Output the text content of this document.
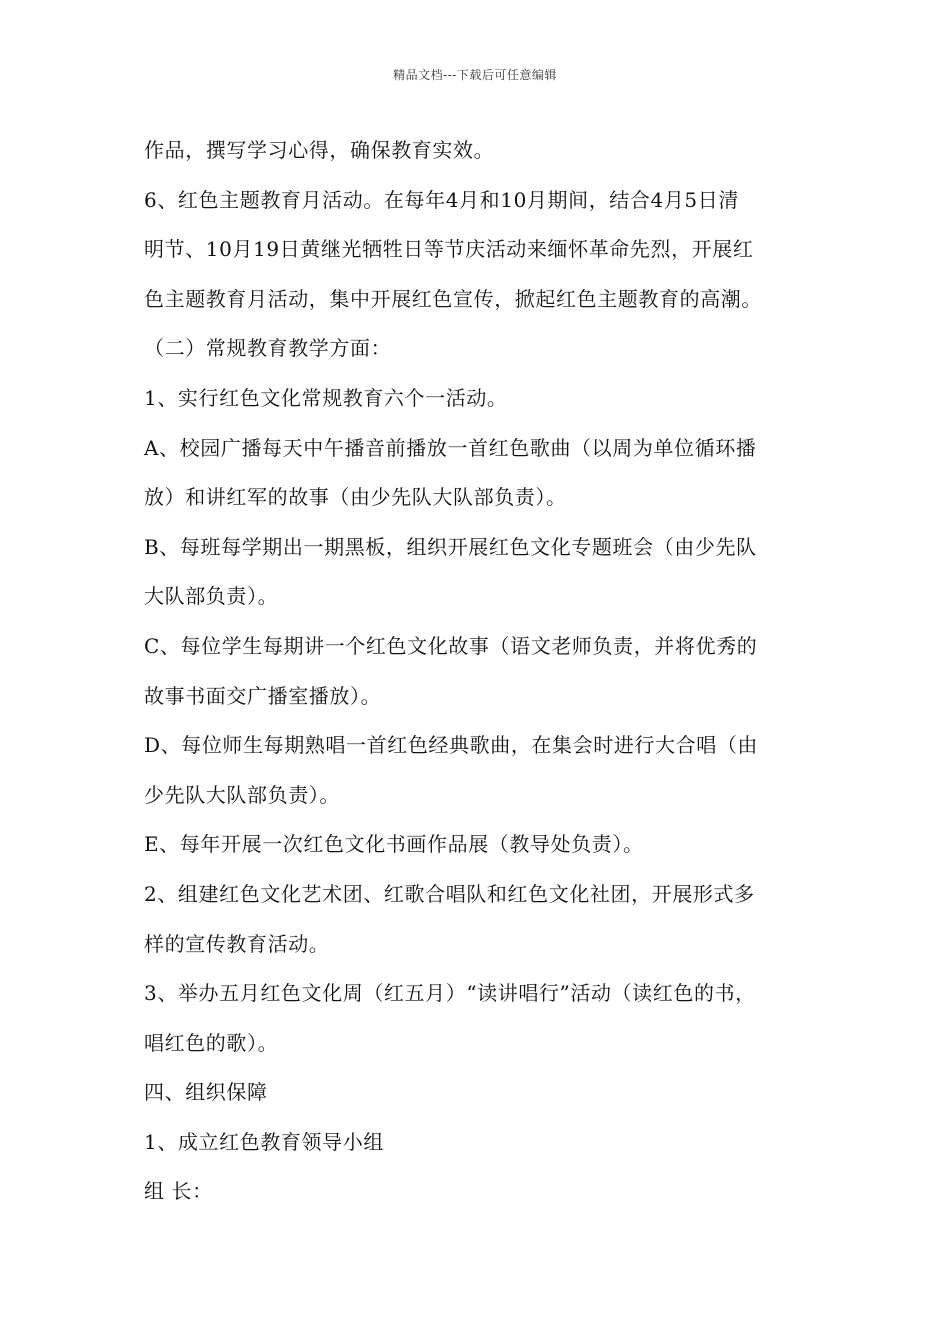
精品文档---下载后可任意编辑
作品，撰写学习心得，确保教育实效。
6、红色主题教育月活动。在每年4月和10月期间，结合4月5日清
明节、10月19日黄继光牺牲日等节庆活动来缅怀革命先烈，开展红
色主题教育月活动，集中开展红色宣传，掀起红色主题教育的高潮。
（二）常规教育教学方面：
1、实行红色文化常规教育六个一活动。
A、校园广播每天中午播音前播放一首红色歌曲（以周为单位循环播
放）和讲红军的故事（由少先队大队部负责）。
B、每班每学期出一期黑板，组织开展红色文化专题班会（由少先队
大队部负责）。
C、每位学生每期讲一个红色文化故事（语文老师负责，并将优秀的
故事书面交广播室播放）。
D、每位师生每期熟唱一首红色经典歌曲，在集会时进行大合唱（由
少先队大队部负责）。
E、每年开展一次红色文化书画作品展（教导处负责）。
2、组建红色文化艺术团、红歌合唱队和红色文化社团，开展形式多
样的宣传教育活动。
3、举办五月红色文化周（红五月）“读讲唱行”活动（读红色的书，
唱红色的歌）。
四、组织保障
1、成立红色教育领导小组
组 长：
